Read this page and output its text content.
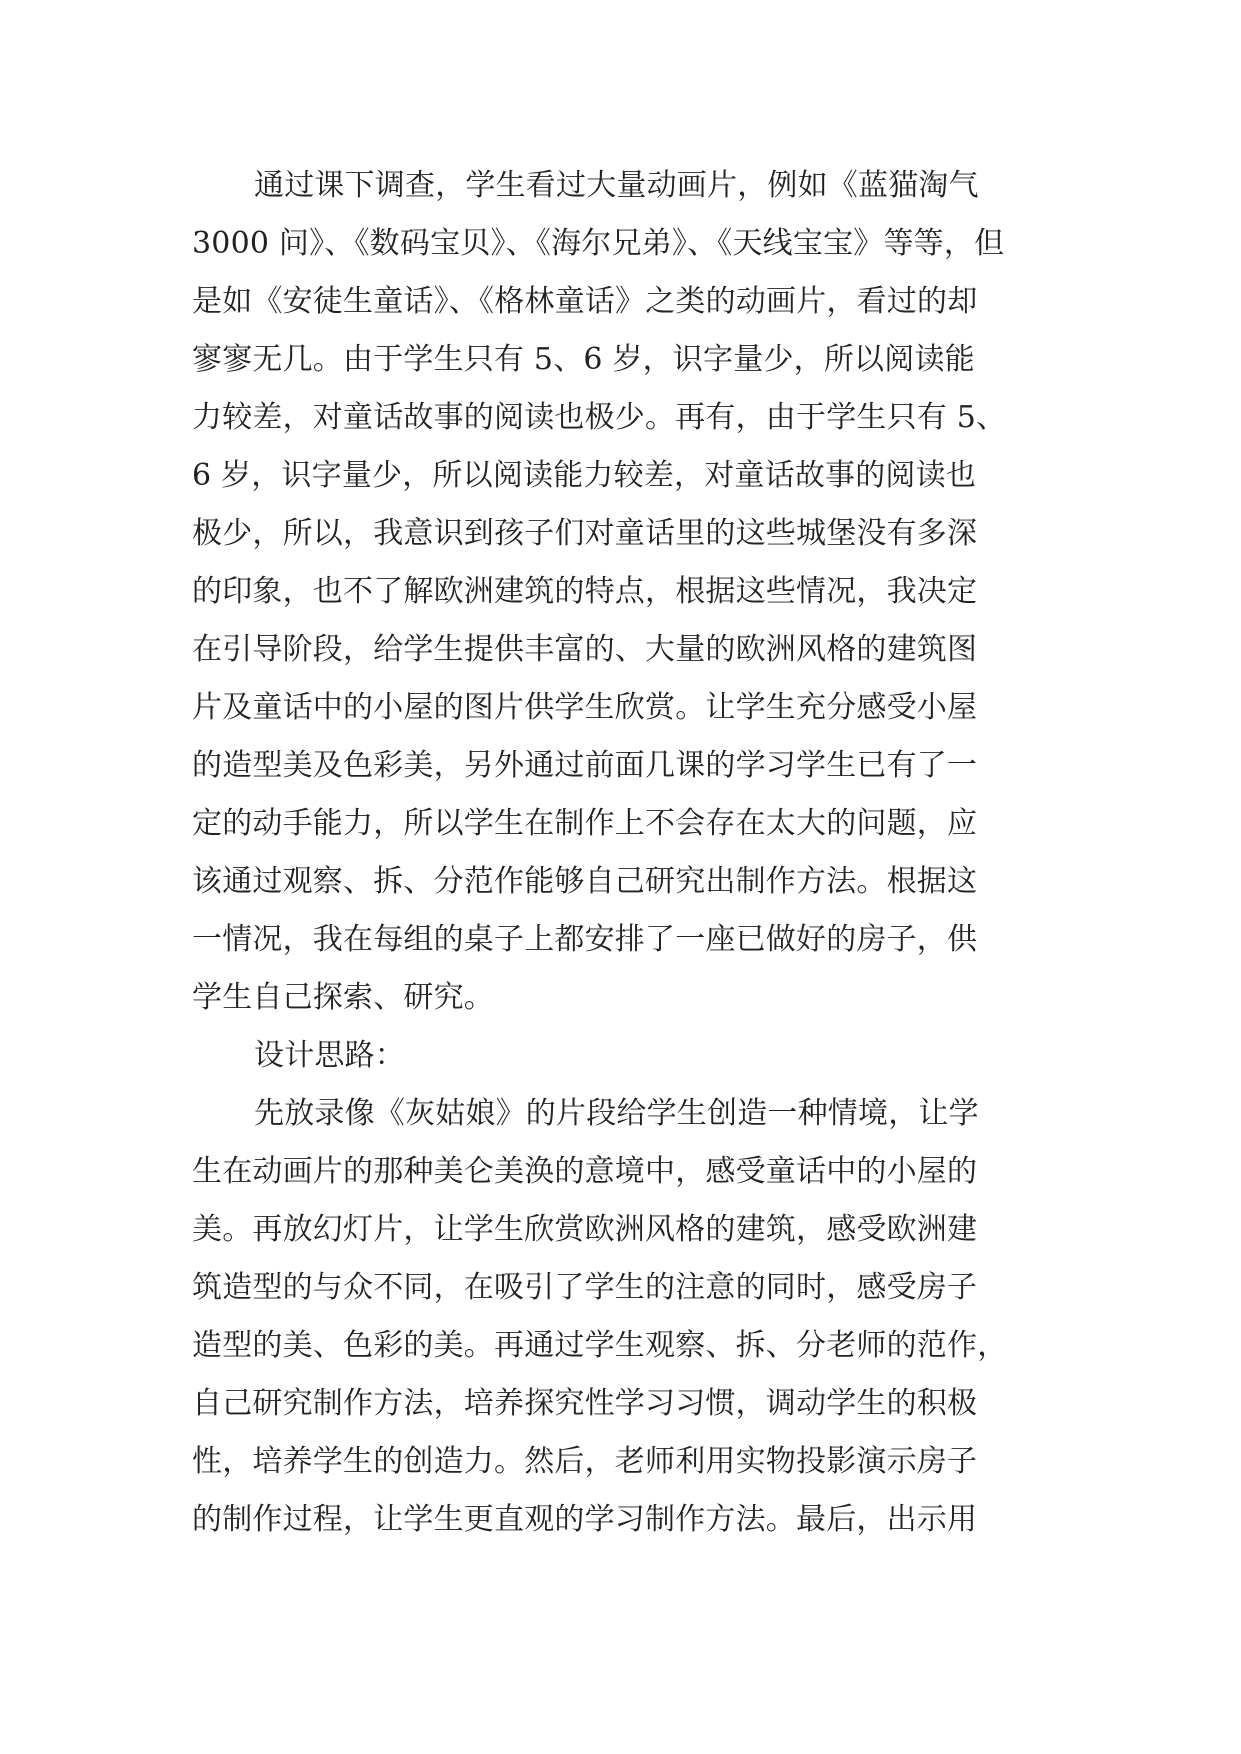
通过课下调查，学生看过大量动画片，例如《蓝猫淘气
3000 问》、《数码宝贝》、《海尔兄弟》、《天线宝宝》等等，但
是如《安徒生童话》、《格林童话》之类的动画片，看过的却
寥寥无几。由于学生只有 5、6 岁，识字量少，所以阅读能
力较差，对童话故事的阅读也极少。再有，由于学生只有 5、
6 岁，识字量少，所以阅读能力较差，对童话故事的阅读也
极少，所以，我意识到孩子们对童话里的这些城堡没有多深
的印象，也不了解欧洲建筑的特点，根据这些情况，我决定
在引导阶段，给学生提供丰富的、大量的欧洲风格的建筑图
片及童话中的小屋的图片供学生欣赏。让学生充分感受小屋
的造型美及色彩美，另外通过前面几课的学习学生已有了一
定的动手能力，所以学生在制作上不会存在太大的问题，应
该通过观察、拆、分范作能够自己研究出制作方法。根据这
一情况，我在每组的桌子上都安排了一座已做好的房子，供
学生自己探索、研究。
设计思路：
先放录像《灰姑娘》的片段给学生创造一种情境，让学
生在动画片的那种美仑美涣的意境中，感受童话中的小屋的
美。再放幻灯片，让学生欣赏欧洲风格的建筑，感受欧洲建
筑造型的与众不同，在吸引了学生的注意的同时，感受房子
造型的美、色彩的美。再通过学生观察、拆、分老师的范作，
自己研究制作方法，培养探究性学习习惯，调动学生的积极
性，培养学生的创造力。然后，老师利用实物投影演示房子
的制作过程，让学生更直观的学习制作方法。最后，出示用
